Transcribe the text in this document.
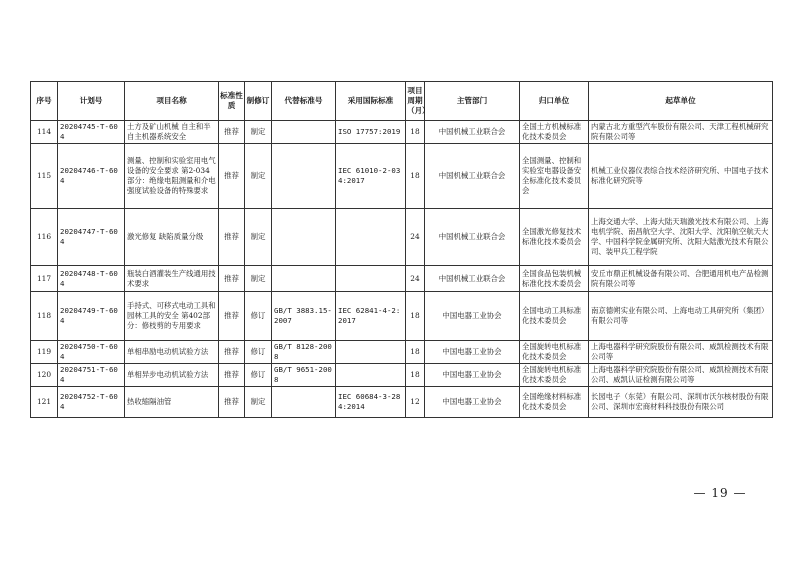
序号	计划号	项目名称	标准性质	制修订	代替标准号	采用国际标准	项目周期（月）	主管部门	归口单位	起草单位
114	20204745-T-604	土方及矿山机械 自主和半自主机器系统安全	推荐	制定		ISO 17757:2019	18	中国机械工业联合会	全国土方机械标准化技术委员会	内蒙古北方重型汽车股份有限公司、天津工程机械研究院有限公司等
115	20204746-T-604	测量、控制和实验室用电气设备的安全要求 第2-034部分：绝缘电阻测量和介电强度试验设备的特殊要求	推荐	制定		IEC 61010-2-034:2017	18	中国机械工业联合会	全国测量、控制和实验室电器设备安全标准化技术委员会	机械工业仪器仪表综合技术经济研究所、中国电子技术标准化研究院等
116	20204747-T-604	激光修复 缺陷质量分级	推荐	制定			24	中国机械工业联合会	全国激光修复技术标准化技术委员会	上海交通大学、上海大陆天瑞激光技术有限公司、上海电机学院、南昌航空大学、沈阳大学、沈阳航空航天大学、中国科学院金属研究所、沈阳大陆激光技术有限公司、装甲兵工程学院
117	20204748-T-604	瓶装白酒灌装生产线通用技术要求	推荐	制定			24	中国机械工业联合会	全国食品包装机械标准化技术委员会	安丘市鼎正机械设备有限公司、合肥通用机电产品检测院有限公司等
118	20204749-T-604	手持式、可移式电动工具和园林工具的安全 第402部分：修枝剪的专用要求	推荐	修订	GB/T 3883.15-2007	IEC 62841-4-2:2017	18	中国电器工业协会	全国电动工具标准化技术委员会	南京德朔实业有限公司、上海电动工具研究所（集团）有限公司等
119	20204750-T-604	单相串励电动机试验方法	推荐	修订	GB/T 8128-2008		18	中国电器工业协会	全国旋转电机标准化技术委员会	上海电器科学研究院股份有限公司、威凯检测技术有限公司等
120	20204751-T-604	单相异步电动机试验方法	推荐	修订	GB/T 9651-2008		18	中国电器工业协会	全国旋转电机标准化技术委员会	上海电器科学研究院股份有限公司、威凯检测技术有限公司、威凯认证检测有限公司等
121	20204752-T-604	热收缩隔油管	推荐	制定		IEC 60684-3-284:2014	12	中国电器工业协会	全国绝缘材料标准化技术委员会	长园电子（东莞）有限公司、深圳市沃尔核材股份有限公司、深圳市宏商材料科技股份有限公司
— 19 —
